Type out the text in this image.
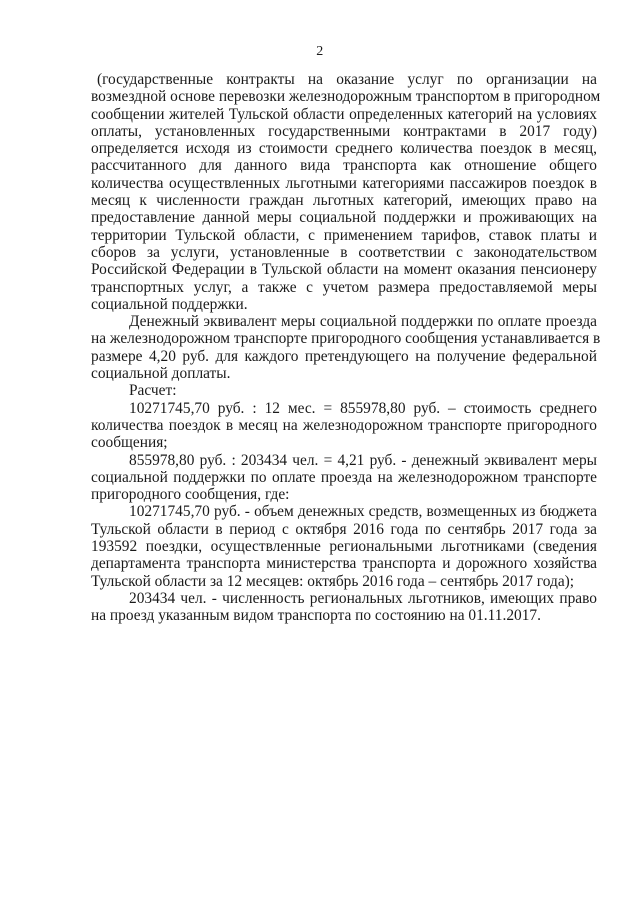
2
(государственные контракты на оказание услуг по организации на
возмездной основе перевозки железнодорожным транспортом в пригородном
сообщении жителей Тульской области определенных категорий на условиях
оплаты, установленных государственными контрактами в 2017 году)
определяется исходя из стоимости среднего количества поездок в месяц,
рассчитанного для данного вида транспорта как отношение общего
количества осуществленных льготными категориями пассажиров поездок в
месяц к численности граждан льготных категорий, имеющих право на
предоставление данной меры социальной поддержки и проживающих на
территории Тульской области, с применением тарифов, ставок платы и
сборов за услуги, установленные в соответствии с законодательством
Российской Федерации в Тульской области на момент оказания пенсионеру
транспортных услуг, а также с учетом размера предоставляемой меры
социальной поддержки.
Денежный эквивалент меры социальной поддержки по оплате проезда
на железнодорожном транспорте пригородного сообщения устанавливается в
размере 4,20 руб. для каждого претендующего на получение федеральной
социальной доплаты.
Расчет:
10271745,70 руб. : 12 мес. = 855978,80 руб. – стоимость среднего
количества поездок в месяц на железнодорожном транспорте пригородного
сообщения;
855978,80 руб. : 203434 чел. = 4,21 руб. - денежный эквивалент меры
социальной поддержки по оплате проезда на железнодорожном транспорте
пригородного сообщения, где:
10271745,70 руб. - объем денежных средств, возмещенных из бюджета
Тульской области в период с октября 2016 года по сентябрь 2017 года за
193592 поездки, осуществленные региональными льготниками (сведения
департамента транспорта министерства транспорта и дорожного хозяйства
Тульской области за 12 месяцев: октябрь 2016 года – сентябрь 2017 года);
203434 чел. - численность региональных льготников, имеющих право
на проезд указанным видом транспорта по состоянию на 01.11.2017.
